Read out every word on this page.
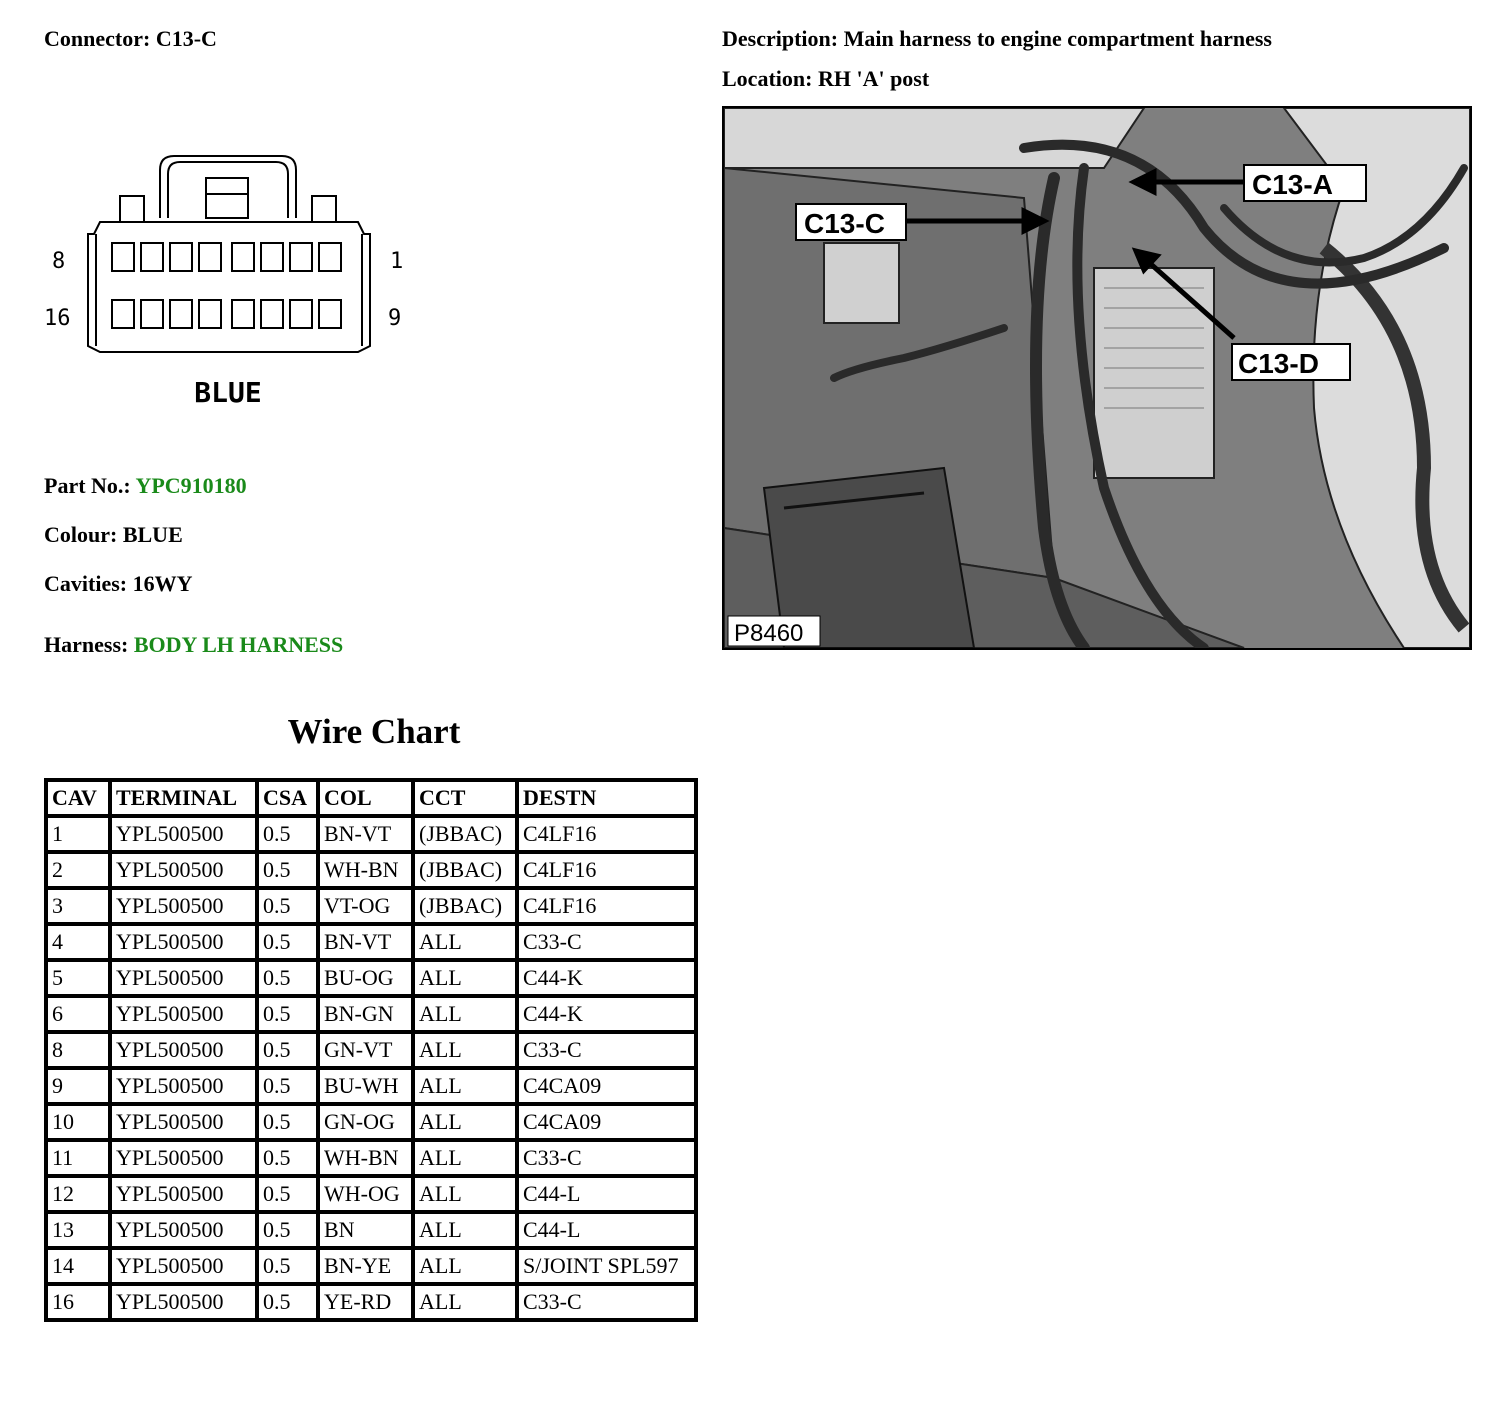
Connector: C13-C	Description: Main harness to engine compartment harness
Location: RH 'A' post
8	1
16	9
BLUE
Part No.: YPC910180
Colour: BLUE
Cavities: 16WY
Harness: BODY LH HARNESS
C13-A
C13-C
C13-D
P8460
Wire Chart
CAV	TERMINAL	CSA	COL	CCT	DESTN
1	YPL500500	0.5	BN-VT	(JBBAC)	C4LF16
2	YPL500500	0.5	WH-BN	(JBBAC)	C4LF16
3	YPL500500	0.5	VT-OG	(JBBAC)	C4LF16
4	YPL500500	0.5	BN-VT	ALL	C33-C
5	YPL500500	0.5	BU-OG	ALL	C44-K
6	YPL500500	0.5	BN-GN	ALL	C44-K
8	YPL500500	0.5	GN-VT	ALL	C33-C
9	YPL500500	0.5	BU-WH	ALL	C4CA09
10	YPL500500	0.5	GN-OG	ALL	C4CA09
11	YPL500500	0.5	WH-BN	ALL	C33-C
12	YPL500500	0.5	WH-OG	ALL	C44-L
13	YPL500500	0.5	BN	ALL	C44-L
14	YPL500500	0.5	BN-YE	ALL	S/JOINT SPL597
16	YPL500500	0.5	YE-RD	ALL	C33-C
